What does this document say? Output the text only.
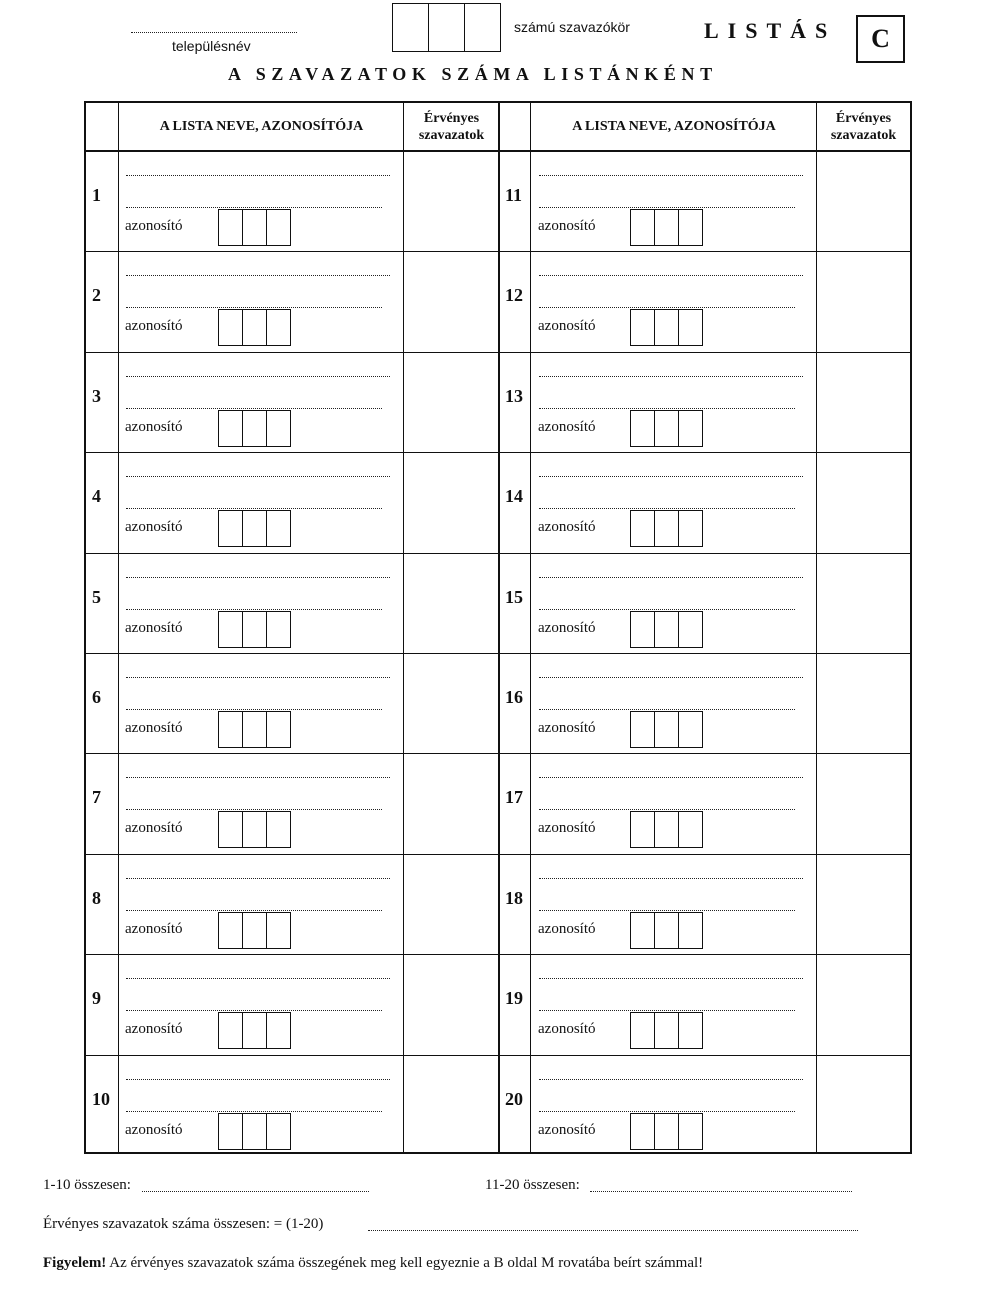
településnév
számú szavazókör	LISTÁS C
A SZAVAZATOK SZÁMA LISTÁNKÉNT
A LISTA NEVE, AZONOSÍTÓJA
Érvényes
szavazatok
A LISTA NEVE, AZONOSÍTÓJA
Érvényes
szavazatok
1
azonosító
11
azonosító
2
azonosító
12
azonosító
3
azonosító
13
azonosító
4
azonosító
14
azonosító
5
azonosító
15
azonosító
6
azonosító
16
azonosító
7
azonosító
17
azonosító
8
azonosító
18
azonosító
9
azonosító
19
azonosító
10
azonosító
20
azonosító
1-10 összesen:	11-20 összesen:
Érvényes szavazatok száma összesen: = (1-20)
Figyelem! Az érvényes szavazatok száma összegének meg kell egyeznie a B oldal M rovatába beírt számmal!
